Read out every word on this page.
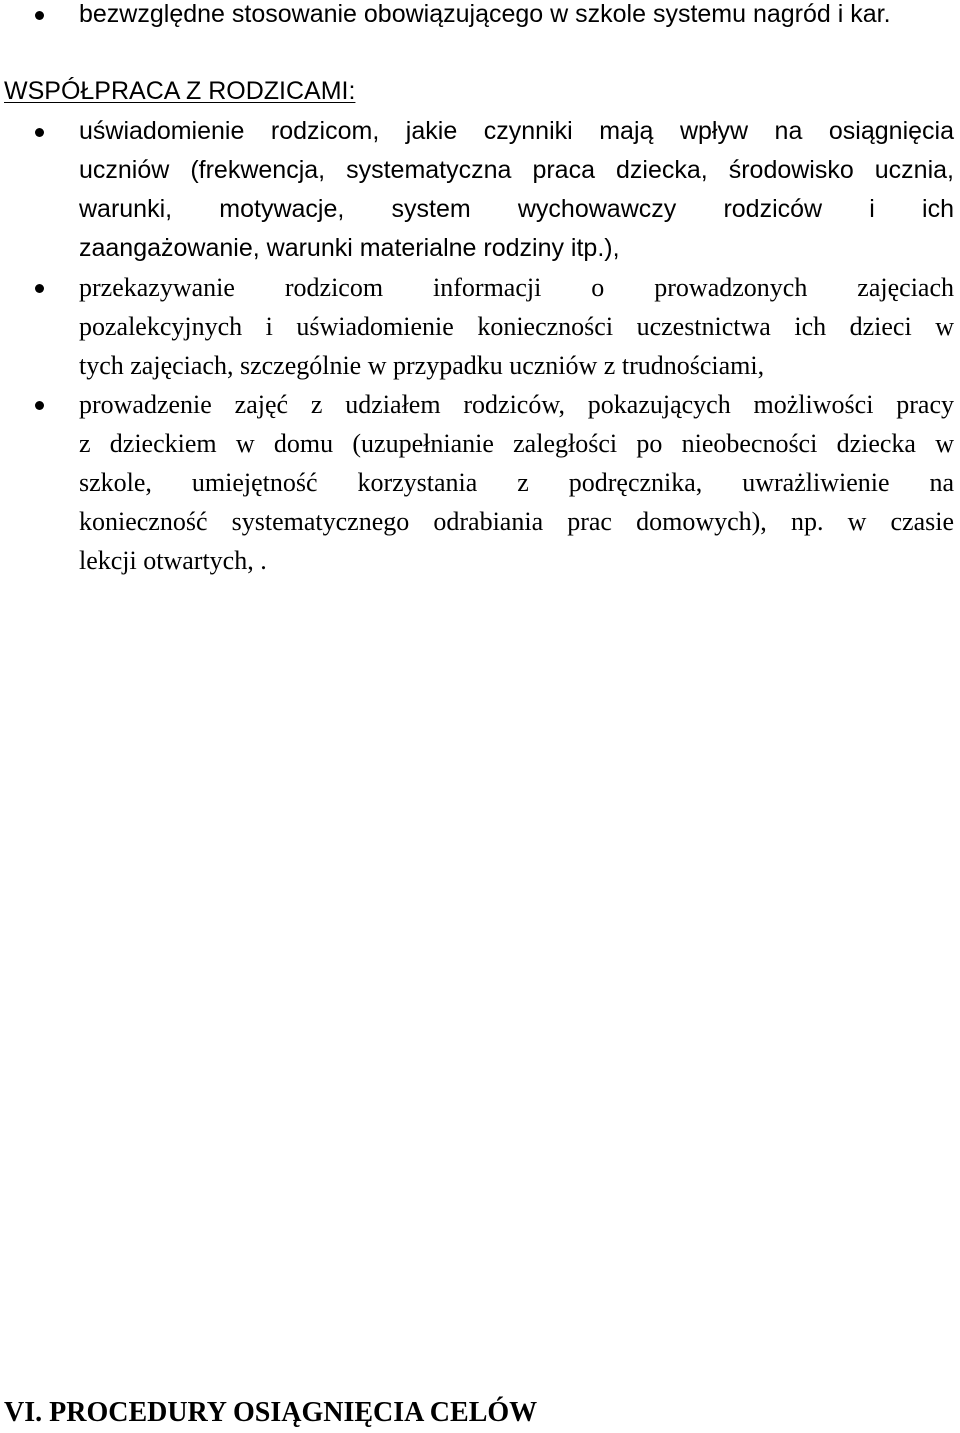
bezwzględne stosowanie obowiązującego w szkole systemu nagród i kar.

WSPÓŁPRACA Z RODZICAMI:

uświadomienie rodzicom, jakie czynniki mają wpływ na osiągnięcia
uczniów (frekwencja, systematyczna praca dziecka, środowisko ucznia,
warunki, motywacje, system wychowawczy rodziców i ich
zaangażowanie, warunki materialne rodziny itp.),
przekazywanie rodzicom informacji o prowadzonych zajęciach
pozalekcyjnych i uświadomienie konieczności uczestnictwa ich dzieci w
tych zajęciach, szczególnie w przypadku uczniów z trudnościami,
prowadzenie zajęć z udziałem rodziców, pokazujących możliwości pracy
z dzieckiem w domu (uzupełnianie zaległości po nieobecności dziecka w
szkole, umiejętność korzystania z podręcznika, uwrażliwienie na
konieczność systematycznego odrabiania prac domowych), np. w czasie
lekcji otwartych, .
VI. PROCEDURY OSIĄGNIĘCIA CELÓW
